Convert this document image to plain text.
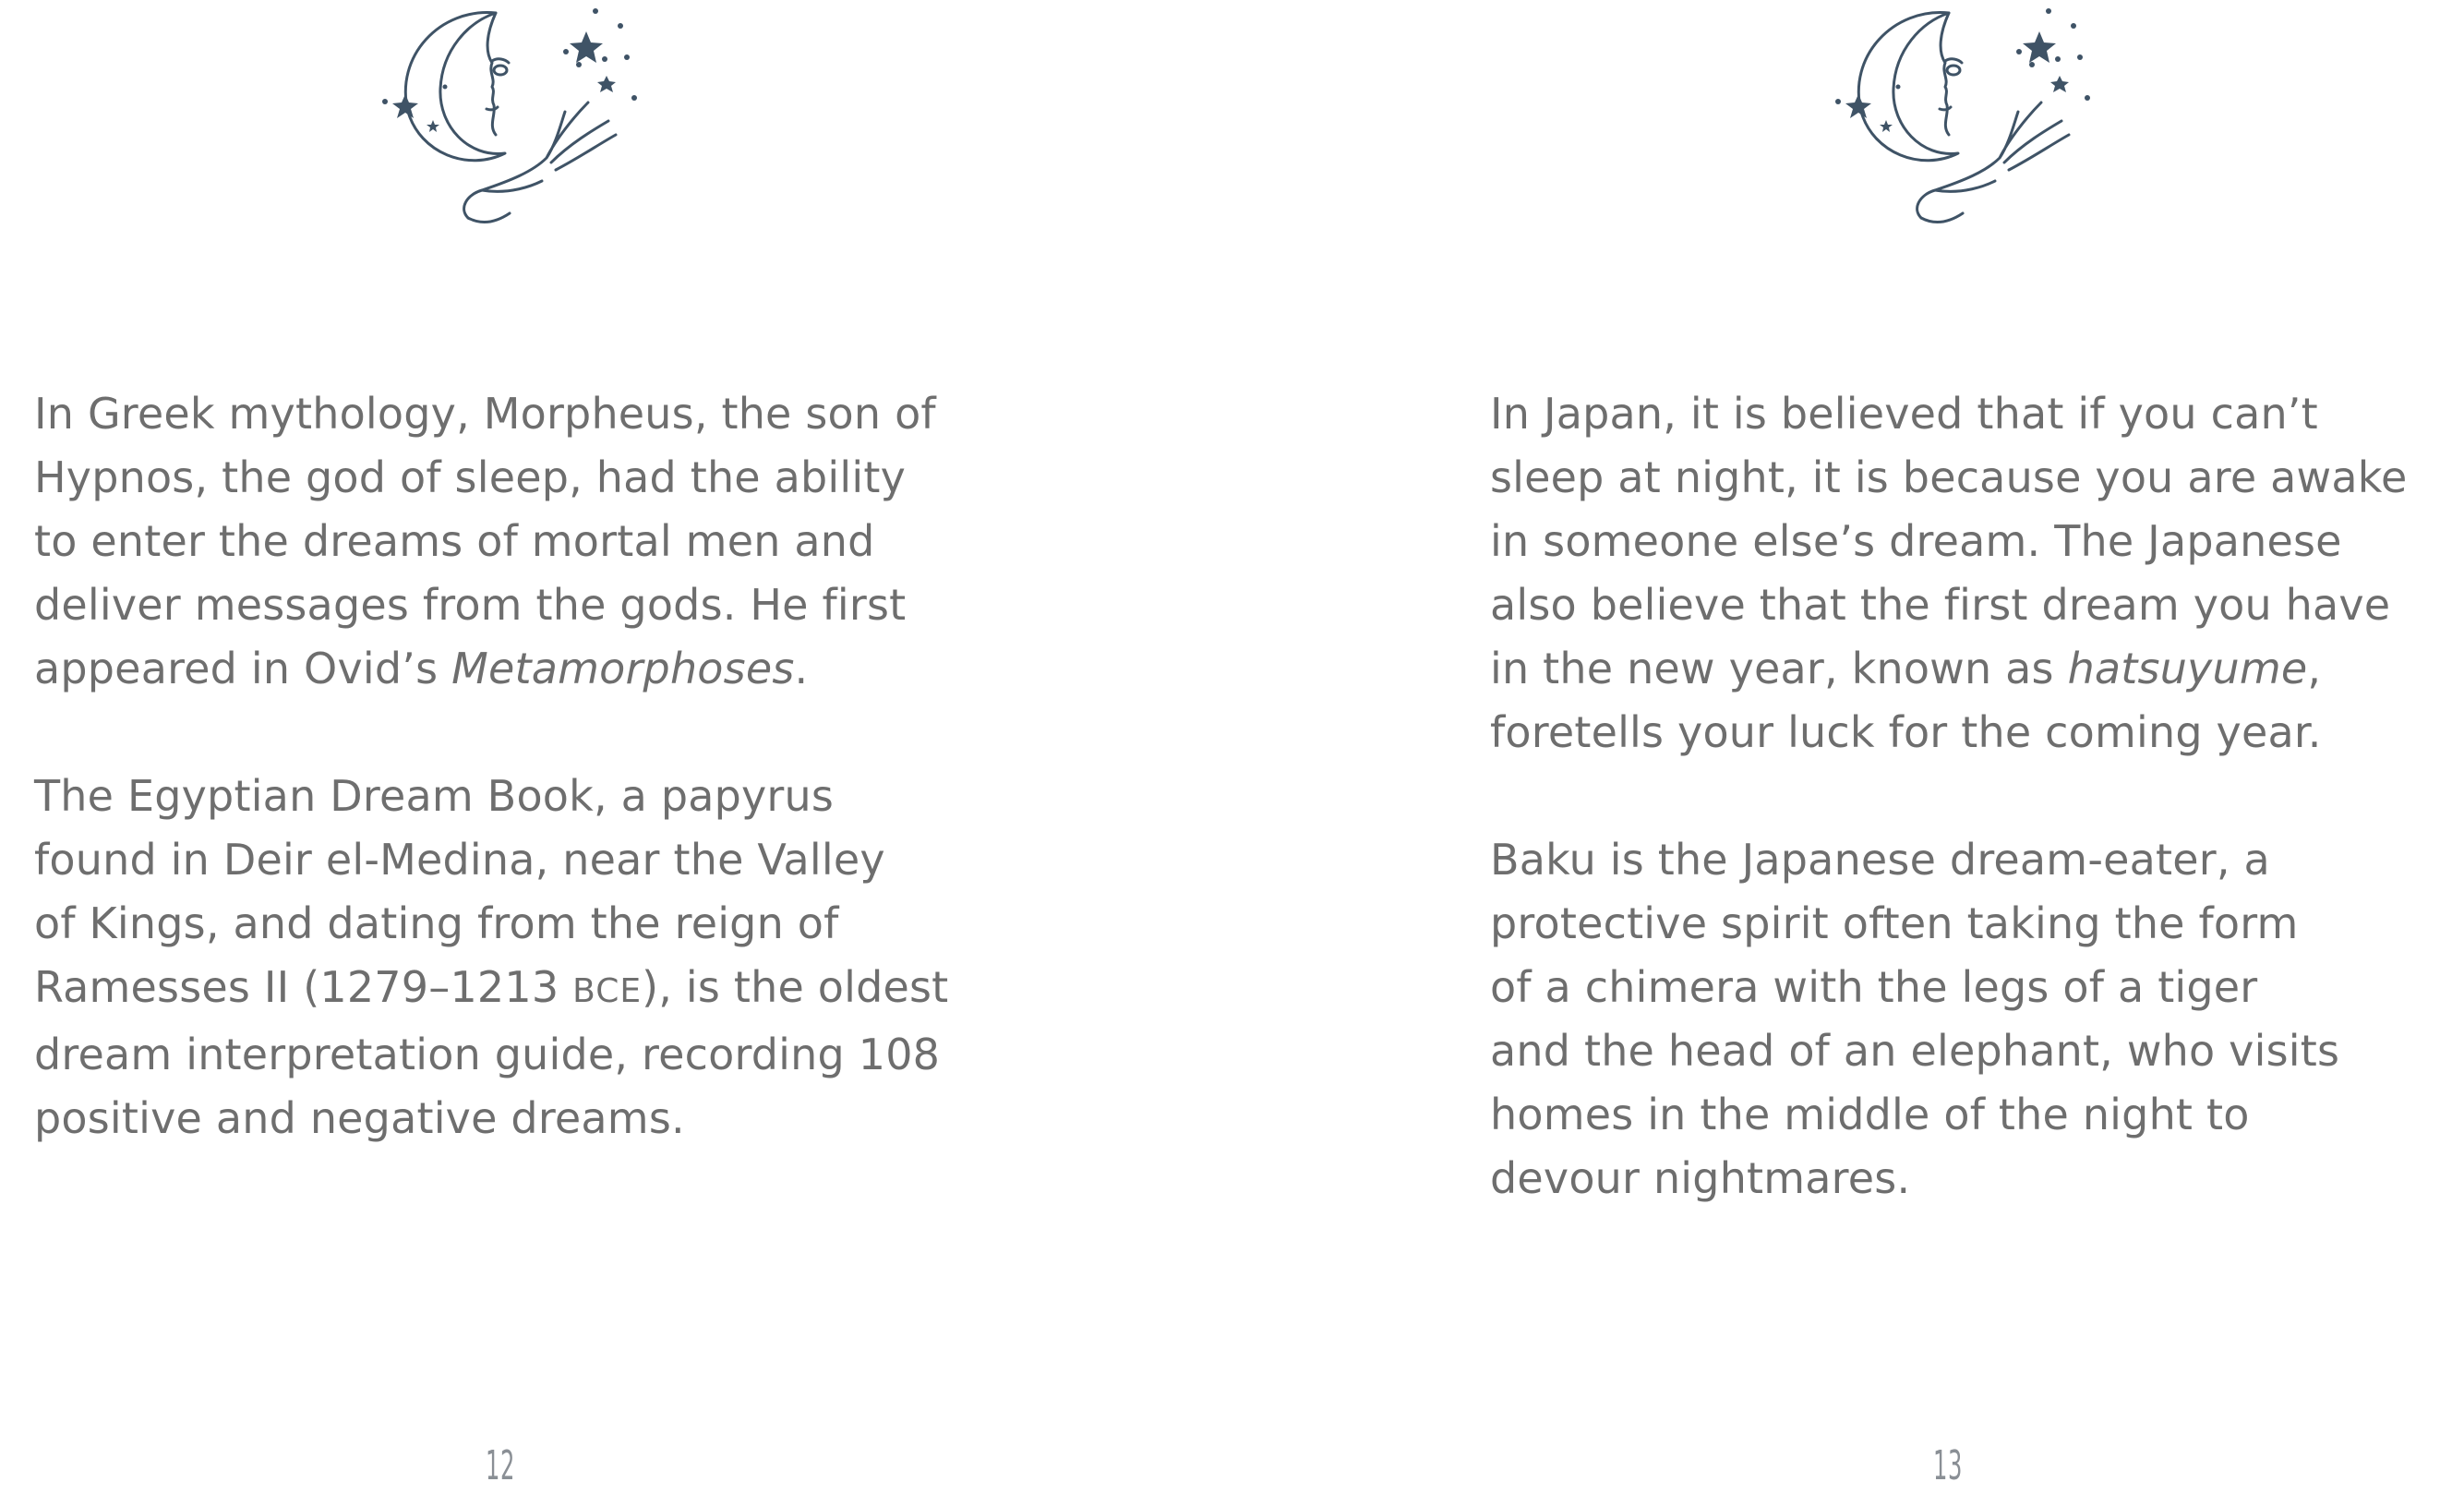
In Greek mythology, Morpheus, the son of
Hypnos, the god of sleep, had the ability
to enter the dreams of mortal men and
deliver messages from the gods. He first
appeared in Ovid’s Metamorphoses.

The Egyptian Dream Book, a papyrus
found in Deir el-Medina, near the Valley
of Kings, and dating from the reign of
Ramesses II (1279–1213 BCE), is the oldest
dream interpretation guide, recording 108
positive and negative dreams.

12

In Japan, it is believed that if you can’t
sleep at night, it is because you are awake
in someone else’s dream. The Japanese
also believe that the first dream you have
in the new year, known as hatsuyume,
foretells your luck for the coming year.

Baku is the Japanese dream-eater, a
protective spirit often taking the form
of a chimera with the legs of a tiger
and the head of an elephant, who visits
homes in the middle of the night to
devour nightmares.

13
